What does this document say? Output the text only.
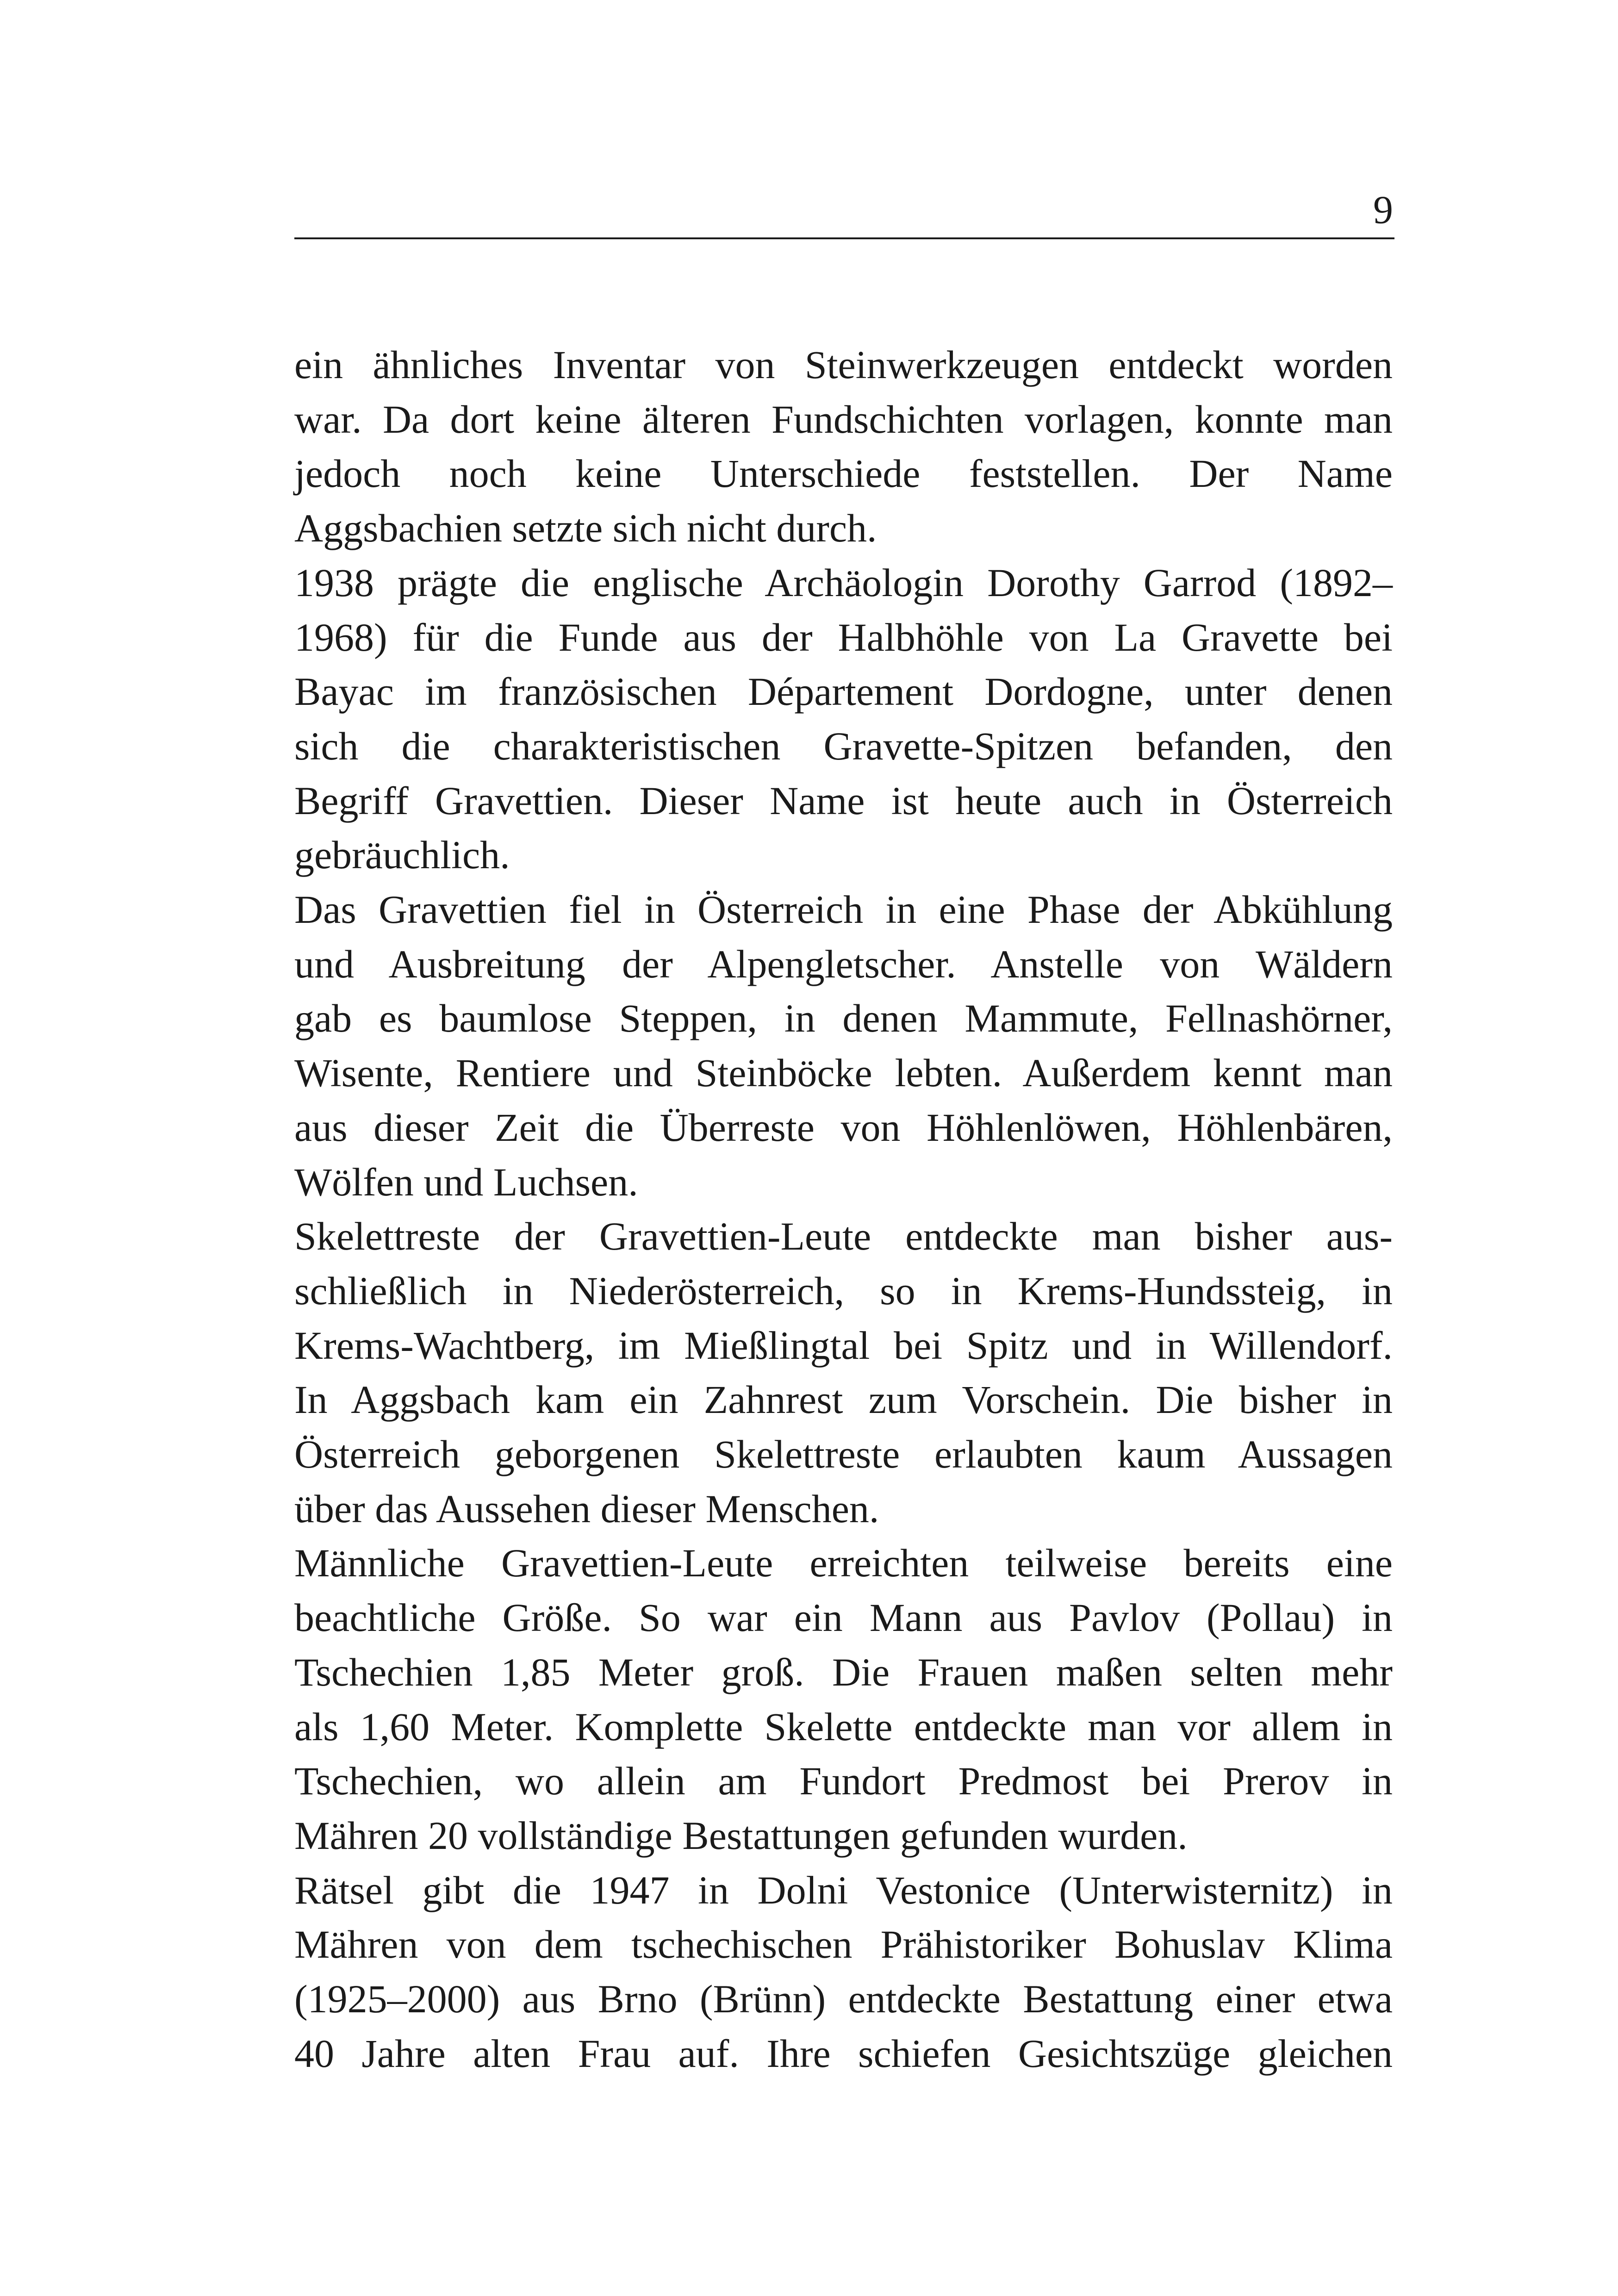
9
ein ähnliches Inventar von Steinwerkzeugen entdeckt worden
war. Da dort keine älteren Fundschichten vorlagen, konnte man
jedoch noch keine Unterschiede feststellen. Der Name
Aggsbachien setzte sich nicht durch.
1938 prägte die englische Archäologin Dorothy Garrod (1892–
1968) für die Funde aus der Halbhöhle von La Gravette bei
Bayac im französischen Département Dordogne, unter denen
sich die charakteristischen Gravette-Spitzen befanden, den
Begriff Gravettien. Dieser Name ist heute auch in Österreich
gebräuchlich.
Das Gravettien fiel in Österreich in eine Phase der Abkühlung
und Ausbreitung der Alpengletscher. Anstelle von Wäldern
gab es baumlose Steppen, in denen Mammute, Fellnashörner,
Wisente, Rentiere und Steinböcke lebten. Außerdem kennt man
aus dieser Zeit die Überreste von Höhlenlöwen, Höhlenbären,
Wölfen und Luchsen.
Skelettreste der Gravettien-Leute entdeckte man bisher aus-
schließlich in Niederösterreich, so in Krems-Hundssteig, in
Krems-Wachtberg, im Mießlingtal bei Spitz und in Willendorf.
In Aggsbach kam ein Zahnrest zum Vorschein. Die bisher in
Österreich geborgenen Skelettreste erlaubten kaum Aussagen
über das Aussehen dieser Menschen.
Männliche Gravettien-Leute erreichten teilweise bereits eine
beachtliche Größe. So war ein Mann aus Pavlov (Pollau) in
Tschechien 1,85 Meter groß. Die Frauen maßen selten mehr
als 1,60 Meter. Komplette Skelette entdeckte man vor allem in
Tschechien, wo allein am Fundort Predmost bei Prerov in
Mähren 20 vollständige Bestattungen gefunden wurden.
Rätsel gibt die 1947 in Dolni Vestonice (Unterwisternitz) in
Mähren von dem tschechischen Prähistoriker Bohuslav Klima
(1925–2000) aus Brno (Brünn) entdeckte Bestattung einer etwa
40 Jahre alten Frau auf. Ihre schiefen Gesichtszüge gleichen
